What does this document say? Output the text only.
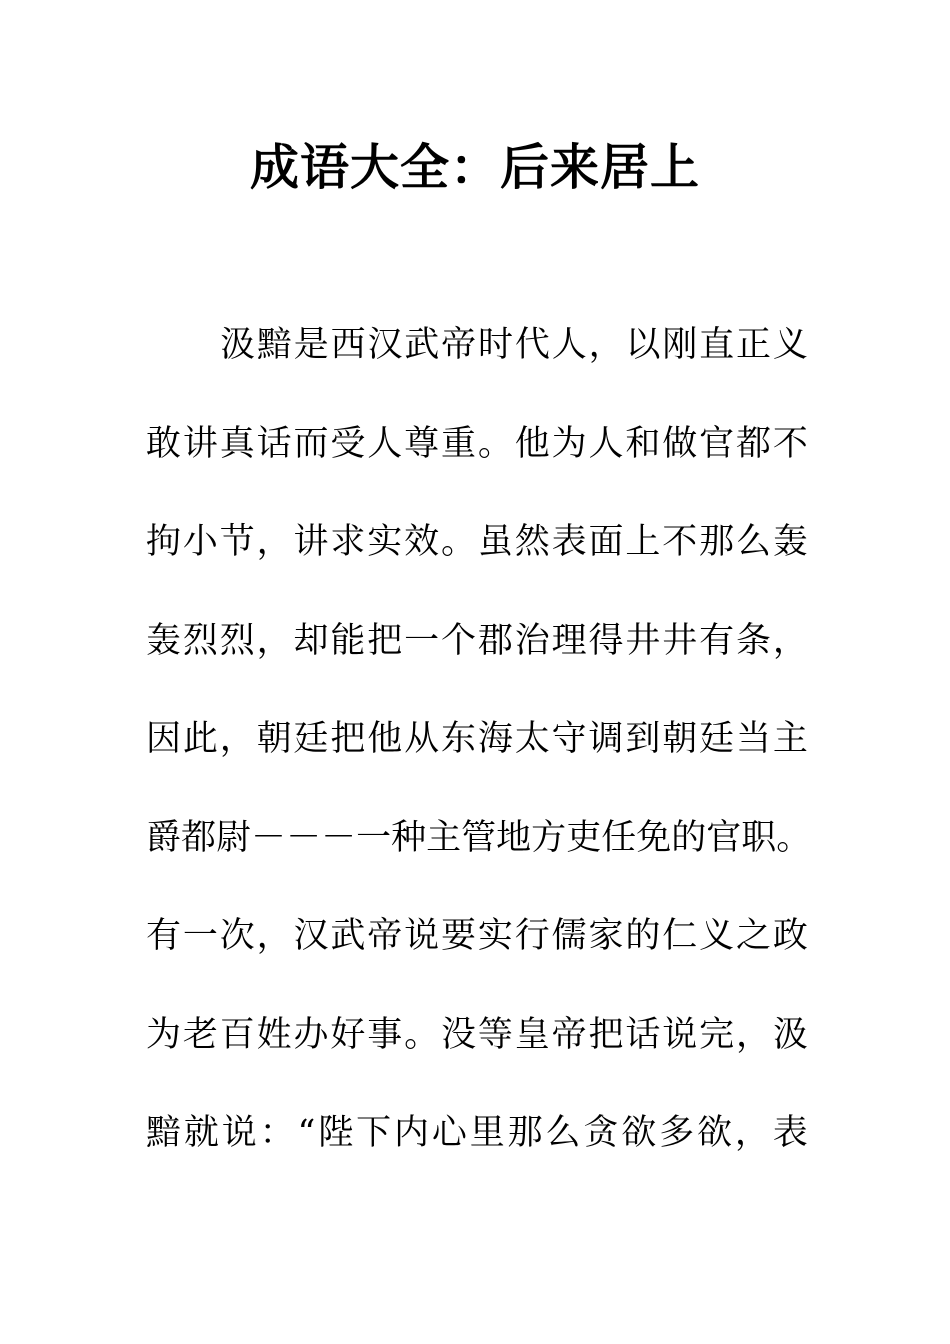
成语大全：后来居上
汲 黯 是 西 汉 武 帝 时 代 人 ， 以 刚 直 正 义
敢 讲 真 话 而 受 人 尊 重 。 他 为 人 和 做 官 都 不
拘 小 节 ， 讲 求 实 效 。 虽 然 表 面 上 不 那 么 轰
轰 烈 烈 ， 却 能 把 一 个 郡 治 理 得 井 井 有 条 ，
因 此 ， 朝 廷 把 他 从 东 海 太 守 调 到 朝 廷 当 主
爵 都 尉 － － － 一 种 主 管 地 方 吏 任 免 的 官 职 。
有 一 次 ， 汉 武 帝 说 要 实 行 儒 家 的 仁 义 之 政
为 老 百 姓 办 好 事 。 没 等 皇 帝 把 话 说 完 ， 汲
黯 就 说 ： “ 陛 下 内 心 里 那 么 贪 欲 多 欲 ， 表
